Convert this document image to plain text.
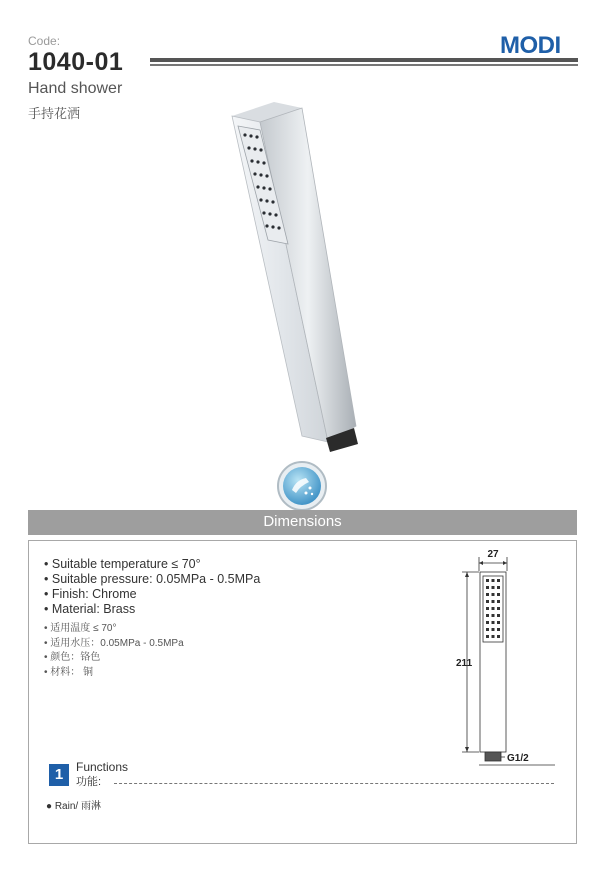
Code:
1040-01
MODI
Hand shower
手持花洒
Dimensions
• Suitable temperature ≤ 70°
• Suitable pressure: 0.05MPa - 0.5MPa
• Finish: Chrome
• Material: Brass
• 适用温度 ≤ 70°
• 适用水压：0.05MPa - 0.5MPa
• 颜色：铬色
• 材料： 铜
27
211
G1/2
1	Functions
功能:
● Rain/ 雨淋
